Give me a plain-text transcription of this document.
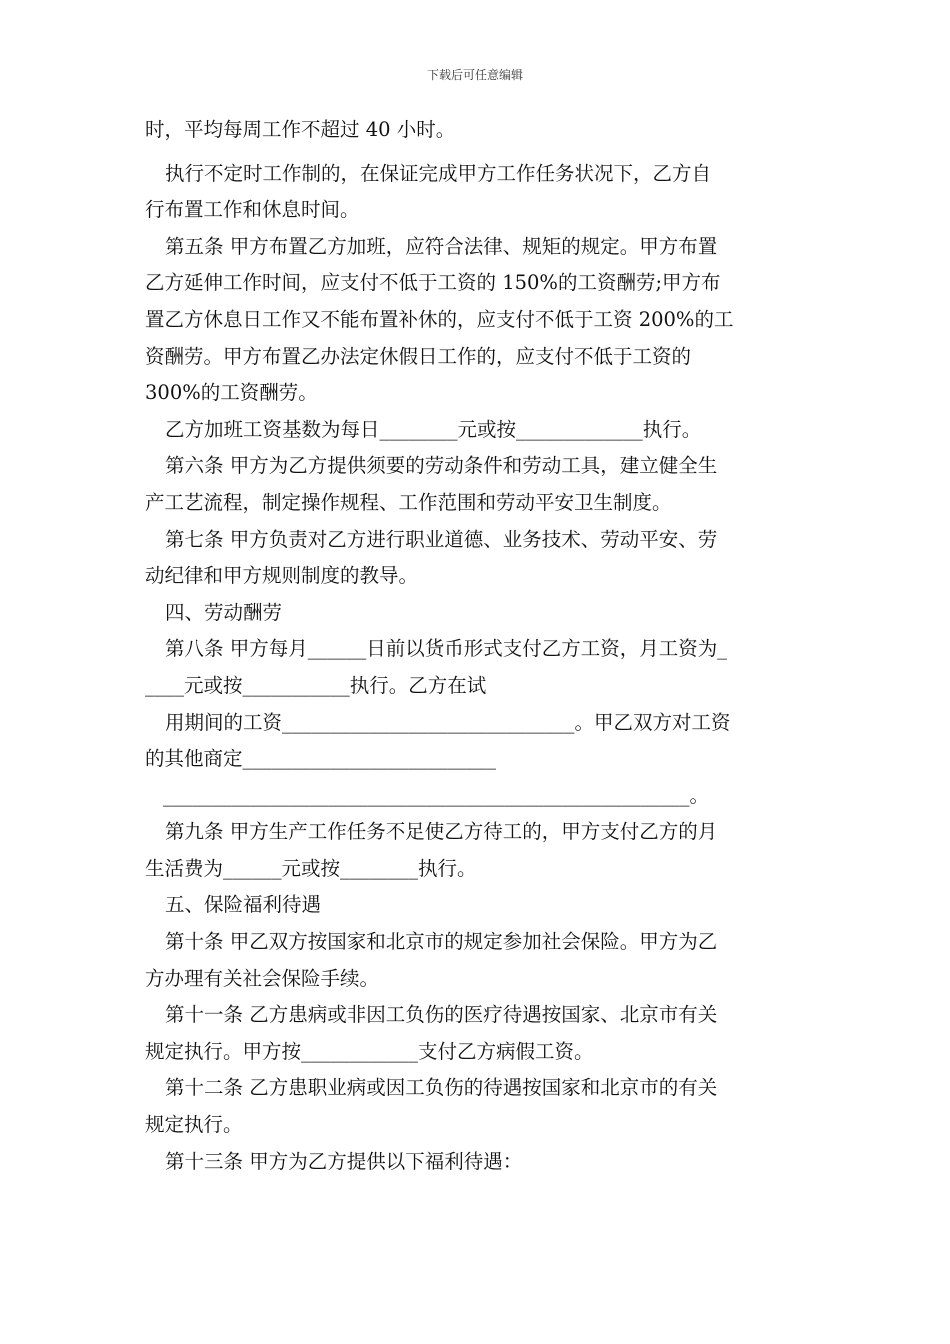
下载后可任意编辑
时，平均每周工作不超过 40 小时。
执行不定时工作制的，在保证完成甲方工作任务状况下，乙方自
行布置工作和休息时间。
第五条 甲方布置乙方加班，应符合法律、规矩的规定。甲方布置
乙方延伸工作时间，应支付不低于工资的 150%的工资酬劳;甲方布
置乙方休息日工作又不能布置补休的，应支付不低于工资 200%的工
资酬劳。甲方布置乙办法定休假日工作的，应支付不低于工资的
300%的工资酬劳。
乙方加班工资基数为每日________元或按_____________执行。
第六条 甲方为乙方提供须要的劳动条件和劳动工具，建立健全生
产工艺流程，制定操作规程、工作范围和劳动平安卫生制度。
第七条 甲方负责对乙方进行职业道德、业务技术、劳动平安、劳
动纪律和甲方规则制度的教导。
四、劳动酬劳
第八条 甲方每月______日前以货币形式支付乙方工资，月工资为_
____元或按___________执行。乙方在试
用期间的工资______________________________。甲乙双方对工资
的其他商定__________________________
______________________________________________________。
第九条 甲方生产工作任务不足使乙方待工的，甲方支付乙方的月
生活费为______元或按________执行。
五、保险福利待遇
第十条 甲乙双方按国家和北京市的规定参加社会保险。甲方为乙
方办理有关社会保险手续。
第十一条 乙方患病或非因工负伤的医疗待遇按国家、北京市有关
规定执行。甲方按____________支付乙方病假工资。
第十二条 乙方患职业病或因工负伤的待遇按国家和北京市的有关
规定执行。
第十三条 甲方为乙方提供以下福利待遇：
